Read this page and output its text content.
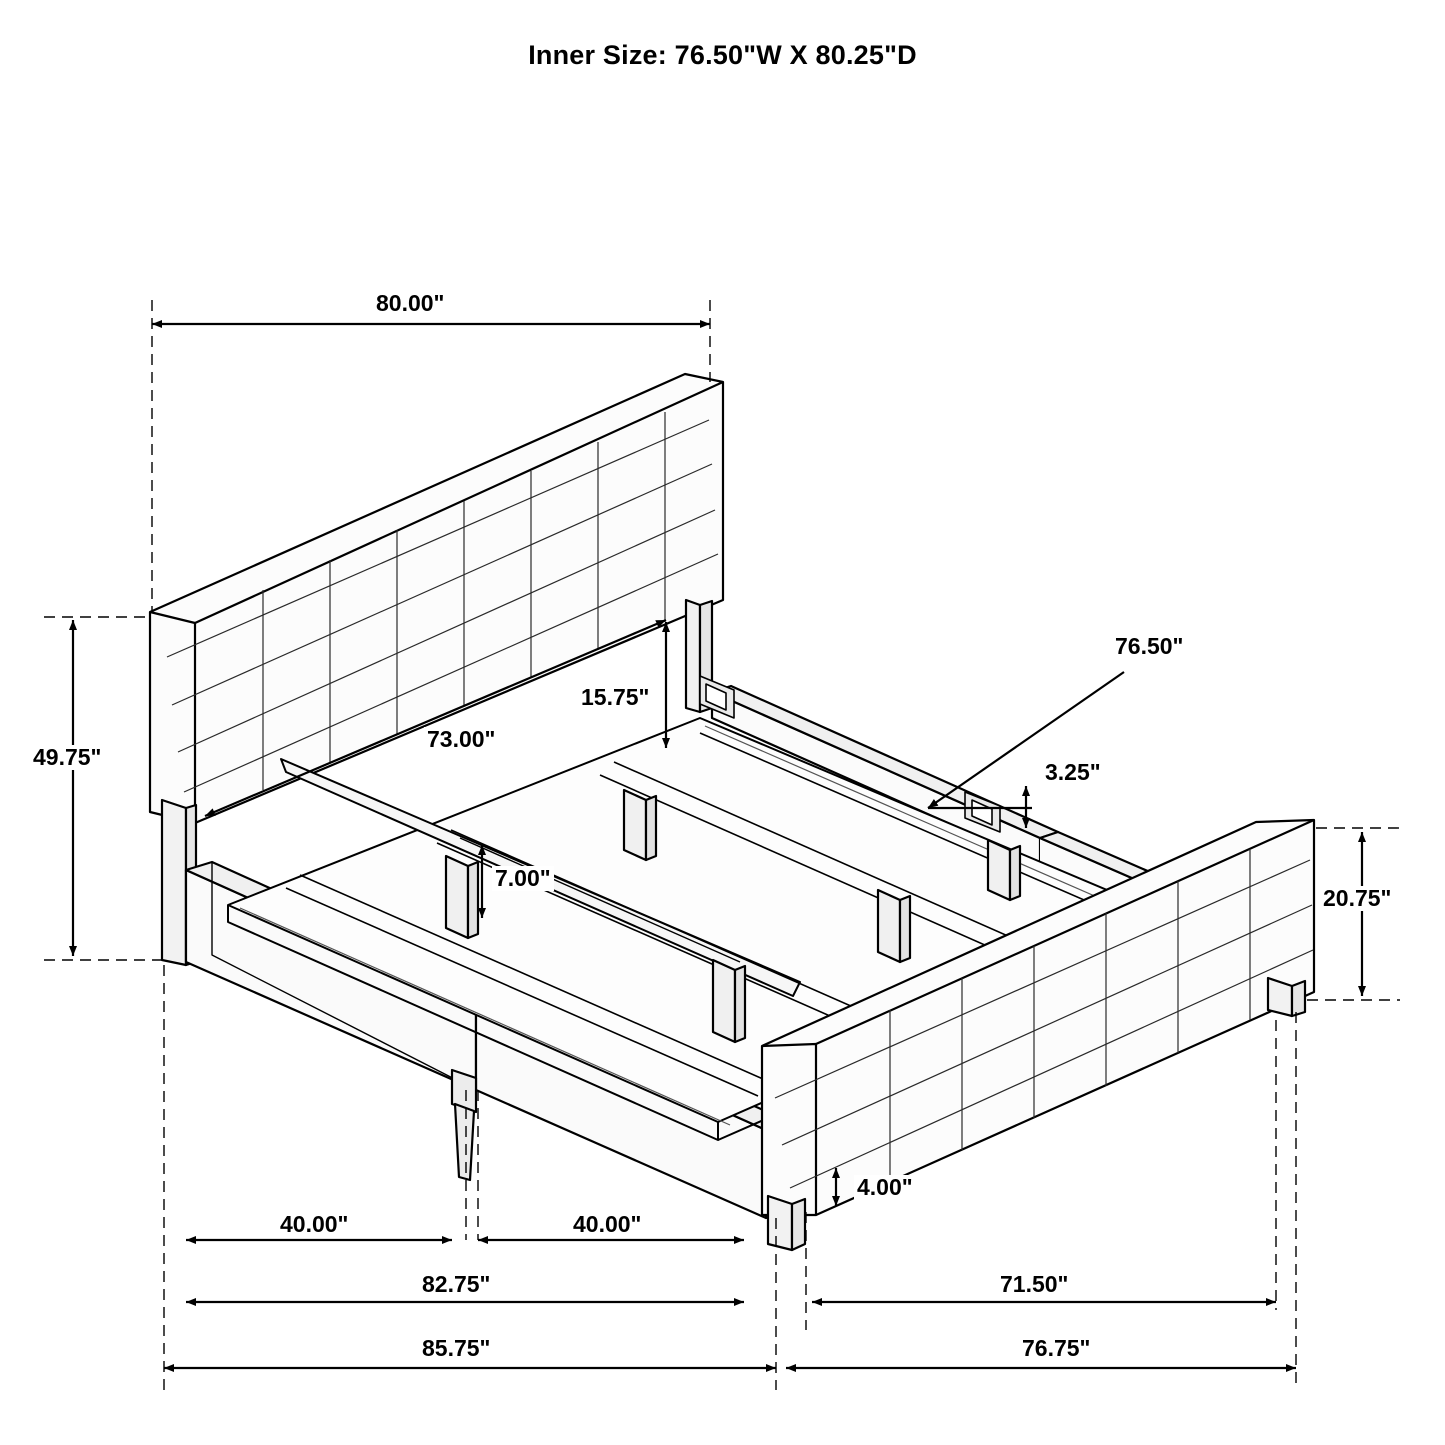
Inner Size: 76.50"W X 80.25"D
80.00"
49.75"
15.75"
73.00"
7.00"
76.50"
3.25"
20.75"
4.00"
40.00"	40.00"
82.75"	71.50"
85.75"	76.75"
